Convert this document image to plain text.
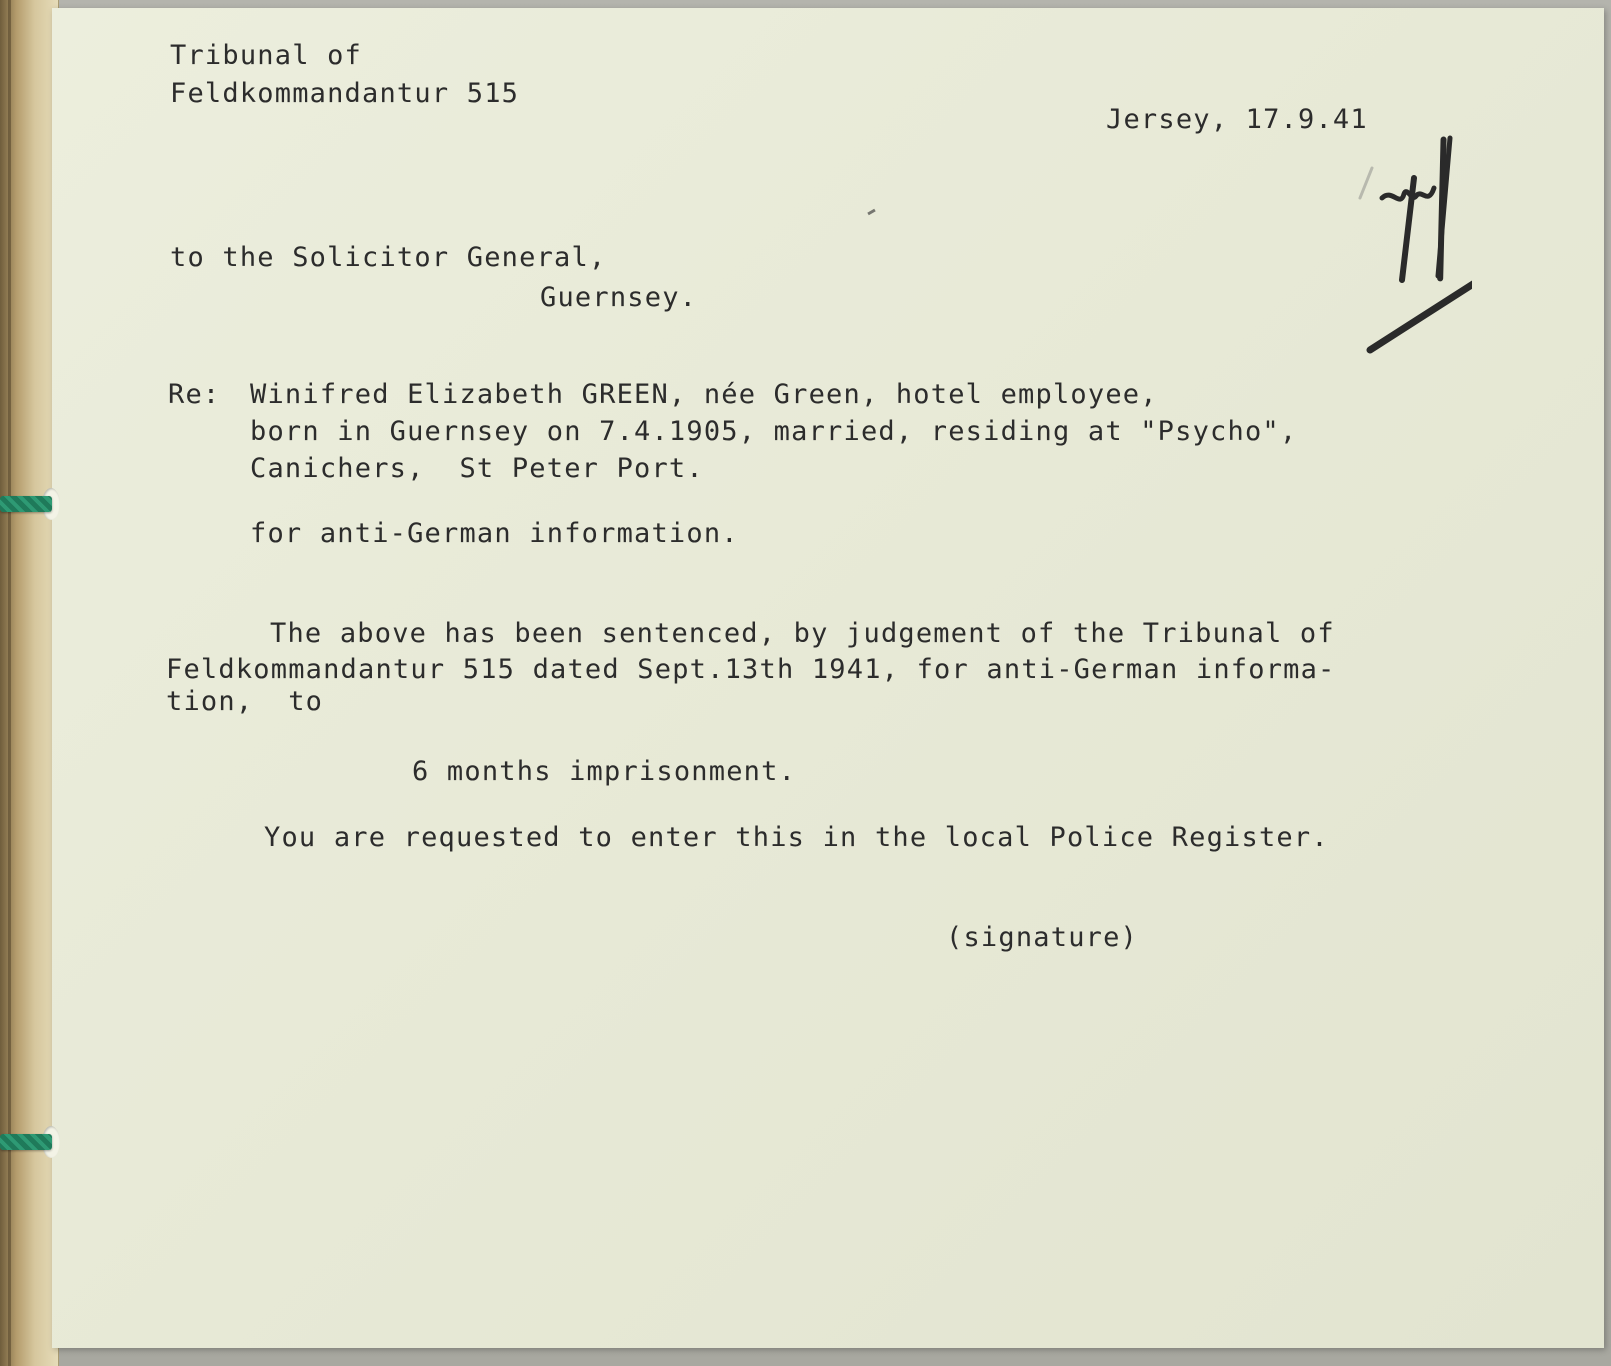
Tribunal of
Feldkommandantur 515
Jersey, 17.9.41
to the Solicitor General,
Guernsey.
Re: Winifred Elizabeth GREEN, née Green, hotel employee,
born in Guernsey on 7.4.1905, married, residing at "Psycho",
Canichers,  St Peter Port.
for anti-German information.
The above has been sentenced, by judgement of the Tribunal of
Feldkommandantur 515 dated Sept.13th 1941, for anti-German informa-
tion,  to
6 months imprisonment.
You are requested to enter this in the local Police Register.
(signature)
